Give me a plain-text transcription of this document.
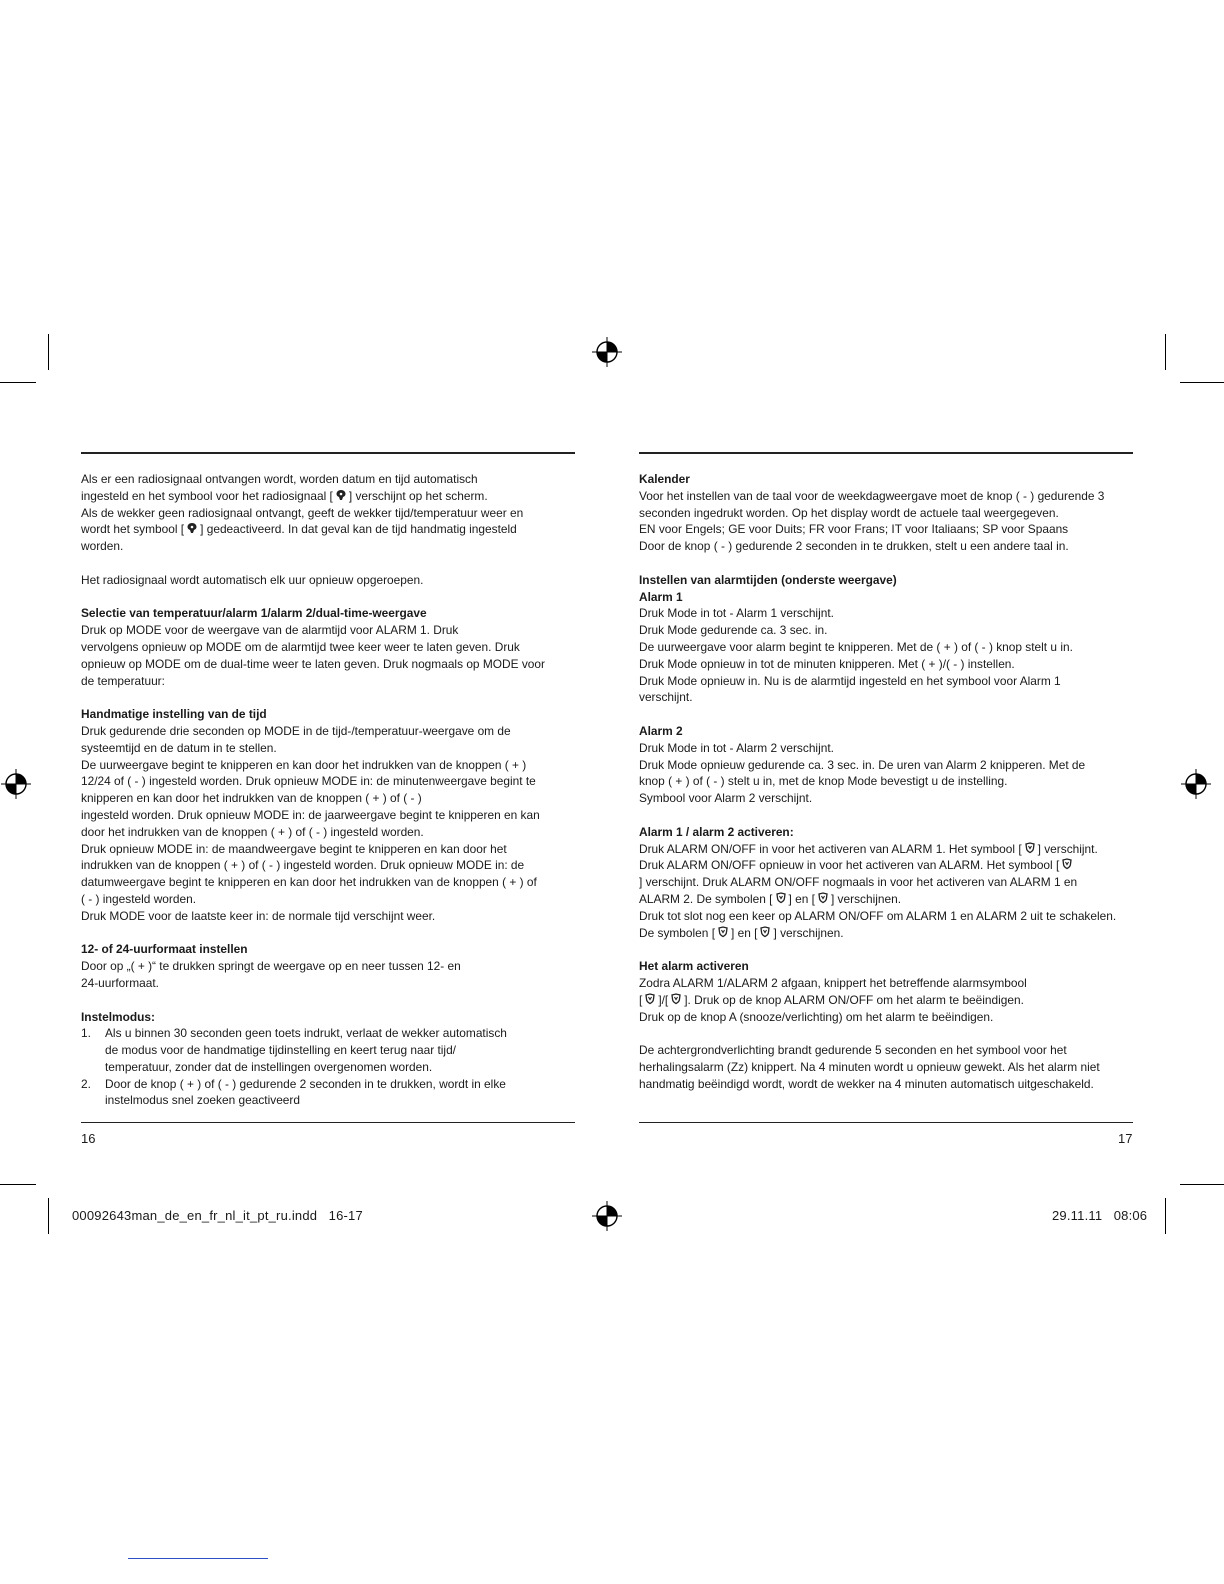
Als er een radiosignaal ontvangen wordt, worden datum en tijd automatisch

ingesteld en het symbool voor het radiosignaal [ ] verschijnt op het scherm.

Als de wekker geen radiosignaal ontvangt, geeft de wekker tijd/temperatuur weer en

wordt het symbool [ ] gedeactiveerd. In dat geval kan de tijd handmatig ingesteld

worden.

Het radiosignaal wordt automatisch elk uur opnieuw opgeroepen.

Selectie van temperatuur/alarm 1/alarm 2/dual-time-weergave

Druk op MODE voor de weergave van de alarmtijd voor ALARM 1. Druk

vervolgens opnieuw op MODE om de alarmtijd twee keer weer te laten geven. Druk

opnieuw op MODE om de dual-time weer te laten geven. Druk nogmaals op MODE voor

de temperatuur:

Handmatige instelling van de tijd

Druk gedurende drie seconden op MODE in de tijd-/temperatuur-weergave om de

systeemtijd en de datum in te stellen.

De uurweergave begint te knipperen en kan door het indrukken van de knoppen ( + )

12/24 of ( - ) ingesteld worden. Druk opnieuw MODE in: de minutenweergave begint te

knipperen en kan door het indrukken van de knoppen ( + ) of ( - )

ingesteld worden. Druk opnieuw MODE in: de jaarweergave begint te knipperen en kan

door het indrukken van de knoppen ( + ) of ( - ) ingesteld worden.

Druk opnieuw MODE in: de maandweergave begint te knipperen en kan door het

indrukken van de knoppen ( + ) of ( - ) ingesteld worden. Druk opnieuw MODE in: de

datumweergave begint te knipperen en kan door het indrukken van de knoppen ( + ) of

( - ) ingesteld worden.

Druk MODE voor de laatste keer in: de normale tijd verschijnt weer.

12- of 24-uurformaat instellen

Door op „( + )“ te drukken springt de weergave op en neer tussen 12- en

24-uurformaat.

Instelmodus:

1. Als u binnen 30 seconden geen toets indrukt, verlaat de wekker automatisch
de modus voor de handmatige tijdinstelling en keert terug naar tijd/
temperatuur, zonder dat de instellingen overgenomen worden.
2. Door de knop ( + ) of ( - ) gedurende 2 seconden in te drukken, wordt in elke
instelmodus snel zoeken geactiveerd

Kalender

Voor het instellen van de taal voor de weekdagweergave moet de knop ( - ) gedurende 3

seconden ingedrukt worden. Op het display wordt de actuele taal weergegeven.

EN voor Engels; GE voor Duits; FR voor Frans; IT voor Italiaans; SP voor Spaans

Door de knop ( - ) gedurende 2 seconden in te drukken, stelt u een andere taal in.

Instellen van alarmtijden (onderste weergave)

Alarm 1

Druk Mode in tot - Alarm 1 verschijnt.

Druk Mode gedurende ca. 3 sec. in.

De uurweergave voor alarm begint te knipperen. Met de ( + ) of ( - ) knop stelt u in.

Druk Mode opnieuw in tot de minuten knipperen. Met ( + )/( - ) instellen.

Druk Mode opnieuw in. Nu is de alarmtijd ingesteld en het symbool voor Alarm 1

verschijnt.

Alarm 2

Druk Mode in tot - Alarm 2 verschijnt.

Druk Mode opnieuw gedurende ca. 3 sec. in. De uren van Alarm 2 knipperen. Met de

knop ( + ) of ( - ) stelt u in, met de knop Mode bevestigt u de instelling.

Symbool voor Alarm 2 verschijnt.

Alarm 1 / alarm 2 activeren:

Druk ALARM ON/OFF in voor het activeren van ALARM 1. Het symbool [ ] verschijnt.

Druk ALARM ON/OFF opnieuw in voor het activeren van ALARM. Het symbool [

] verschijnt. Druk ALARM ON/OFF nogmaals in voor het activeren van ALARM 1 en

ALARM 2. De symbolen [ ] en [ ] verschijnen.

Druk tot slot nog een keer op ALARM ON/OFF om ALARM 1 en ALARM 2 uit te schakelen.

De symbolen [ ] en [ ] verschijnen.

Het alarm activeren

Zodra ALARM 1/ALARM 2 afgaan, knippert het betreffende alarmsymbool

[ ]/[ ]. Druk op de knop ALARM ON/OFF om het alarm te beëindigen.

Druk op de knop A (snooze/verlichting) om het alarm te beëindigen.

De achtergrondverlichting brandt gedurende 5 seconden en het symbool voor het

herhalingsalarm (Zz) knippert. Na 4 minuten wordt u opnieuw gewekt. Als het alarm niet

handmatig beëindigd wordt, wordt de wekker na 4 minuten automatisch uitgeschakeld.

16	17
00092643man_de_en_fr_nl_it_pt_ru.indd   16-17	29.11.11   08:06
